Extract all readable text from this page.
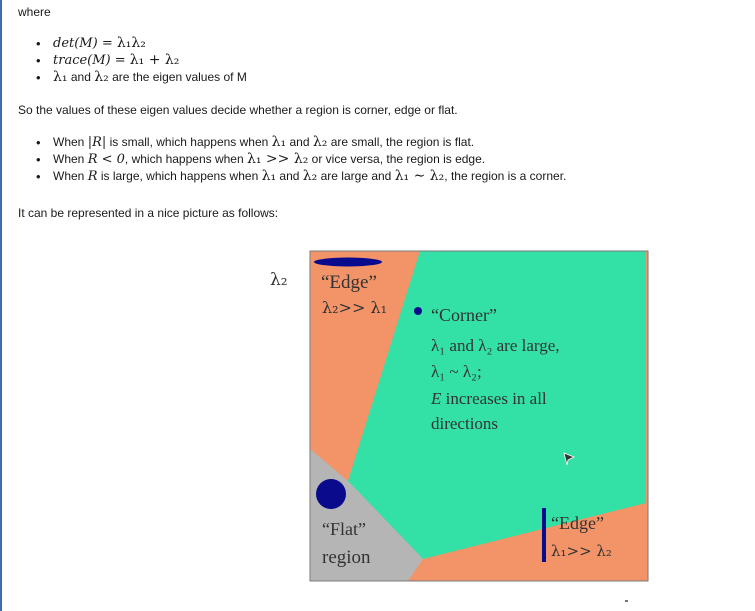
where

• det(M) = λ₁λ₂
• trace(M) = λ₁ + λ₂
• λ₁ and λ₂ are the eigen values of M

So the values of these eigen values decide whether a region is corner, edge or flat.

• When |R| is small, which happens when λ₁ and λ₂ are small, the region is flat.
• When R < 0, which happens when λ₁ >> λ₂ or vice versa, the region is edge.
• When R is large, which happens when λ₁ and λ₂ are large and λ₁ ∼ λ₂, the region is a corner.

It can be represented in a nice picture as follows:

λ₂ “Edge”
λ₂>> λ₁ “Corner”
λ₁ and λ₂ are large,
λ₁ ~ λ₂;
E increases in all
directions
“Flat”
region
“Edge”
λ₁>> λ₂
